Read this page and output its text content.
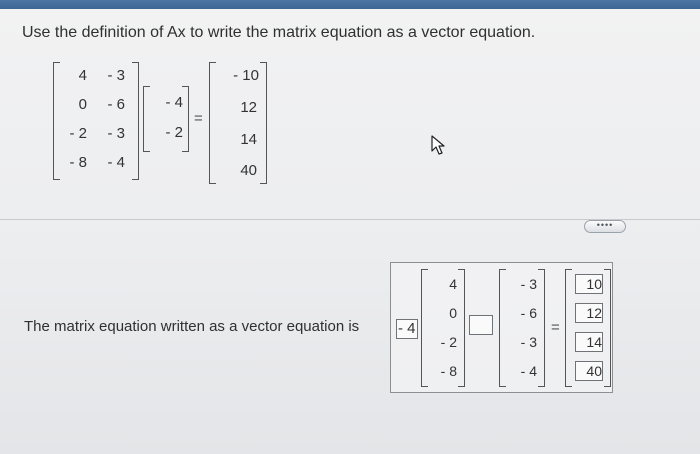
Use the definition of Ax to write the matrix equation as a vector equation.
4	- 3
0	- 6
- 2	- 3
- 8	- 4
- 4
- 2
=
- 10
12
14
40
••••
The matrix equation written as a vector equation is	- 4
4
0
- 2
- 8
- 3
- 6
- 3
- 4
=
10
12
14
40
